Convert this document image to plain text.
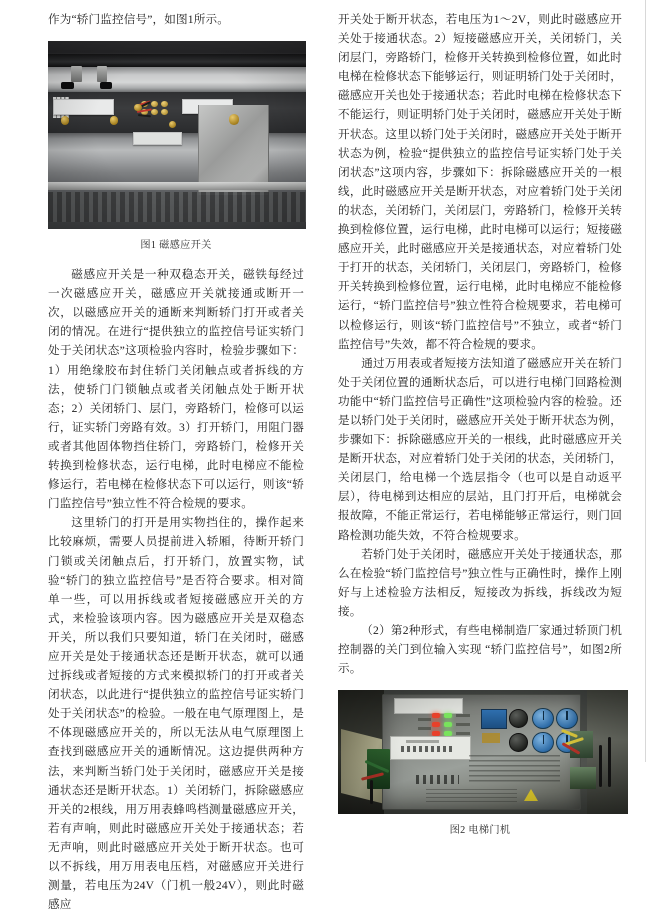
作为“轿门监控信号”，如图1所示。

图1 磁感应开关

磁感应开关是一种双稳态开关，磁铁每经过一次磁感应开关，磁感应开关就接通或断开一次，以磁感应开关的通断来判断轿门打开或者关闭的情况。在进行“提供独立的监控信号证实轿门处于关闭状态”这项检验内容时，检验步骤如下：1）用绝缘胶布封住轿门关闭触点或者拆线的方法，使轿门门锁触点或者关闭触点处于断开状态；2）关闭轿门、层门，旁路轿门，检修可以运行，证实轿门旁路有效。3）打开轿门，用阻门器或者其他固体物挡住轿门，旁路轿门，检修开关转换到检修状态，运行电梯，此时电梯应不能检修运行，若电梯在检修状态下可以运行，则该“轿门监控信号”独立性不符合检规的要求。

这里轿门的打开是用实物挡住的，操作起来比较麻烦，需要人员提前进入轿厢，待断开轿门门锁或关闭触点后，打开轿门，放置实物，试验“轿门的独立监控信号”是否符合要求。相对简单一些，可以用拆线或者短接磁感应开关的方式，来检验该项内容。因为磁感应开关是双稳态开关，所以我们只要知道，轿门在关闭时，磁感应开关是处于接通状态还是断开状态，就可以通过拆线或者短接的方式来模拟轿门的打开或者关闭状态，以此进行“提供独立的监控信号证实轿门处于关闭状态”的检验。一般在电气原理图上，是不体现磁感应开关的，所以无法从电气原理图上查找到磁感应开关的通断情况。这边提供两种方法，来判断当轿门处于关闭时，磁感应开关是接通状态还是断开状态。1）关闭轿门，拆除磁感应开关的2根线，用万用表蜂鸣档测量磁感应开关，若有声响，则此时磁感应开关处于接通状态；若无声响，则此时磁感应开关处于断开状态。也可以不拆线，用万用表电压档，对磁感应开关进行测量，若电压为24V（门机一般24V），则此时磁感应

开关处于断开状态，若电压为1～2V，则此时磁感应开关处于接通状态。2）短接磁感应开关，关闭轿门，关闭层门，旁路轿门，检修开关转换到检修位置，如此时电梯在检修状态下能够运行，则证明轿门处于关闭时，磁感应开关也处于接通状态；若此时电梯在检修状态下不能运行，则证明轿门处于关闭时，磁感应开关处于断开状态。这里以轿门处于关闭时，磁感应开关处于断开状态为例，检验“提供独立的监控信号证实轿门处于关闭状态”这项内容，步骤如下：拆除磁感应开关的一根线，此时磁感应开关是断开状态，对应着轿门处于关闭的状态，关闭轿门，关闭层门，旁路轿门，检修开关转换到检修位置，运行电梯，此时电梯可以运行；短接磁感应开关，此时磁感应开关是接通状态，对应着轿门处于打开的状态，关闭轿门，关闭层门，旁路轿门，检修开关转换到检修位置，运行电梯，此时电梯应不能检修运行，“轿门监控信号”独立性符合检规要求，若电梯可以检修运行，则该“轿门监控信号”不独立，或者“轿门监控信号”失效，都不符合检规的要求。

通过万用表或者短接方法知道了磁感应开关在轿门处于关闭位置的通断状态后，可以进行电梯门回路检测功能中“轿门监控信号正确性”这项检验内容的检验。还是以轿门处于关闭时，磁感应开关处于断开状态为例，步骤如下：拆除磁感应开关的一根线，此时磁感应开关是断开状态，对应着轿门处于关闭的状态，关闭轿门，关闭层门，给电梯一个选层指令（也可以是自动返平层），待电梯到达相应的层站，且门打开后，电梯就会报故障，不能正常运行，若电梯能够正常运行，则门回路检测功能失效，不符合检规要求。

若轿门处于关闭时，磁感应开关处于接通状态，那么在检验“轿门监控信号”独立性与正确性时，操作上刚好与上述检验方法相反，短接改为拆线，拆线改为短接。

（2）第2种形式，有些电梯制造厂家通过轿顶门机控制器的关门到位输入实现 “轿门监控信号”，如图2所示。

图2 电梯门机
